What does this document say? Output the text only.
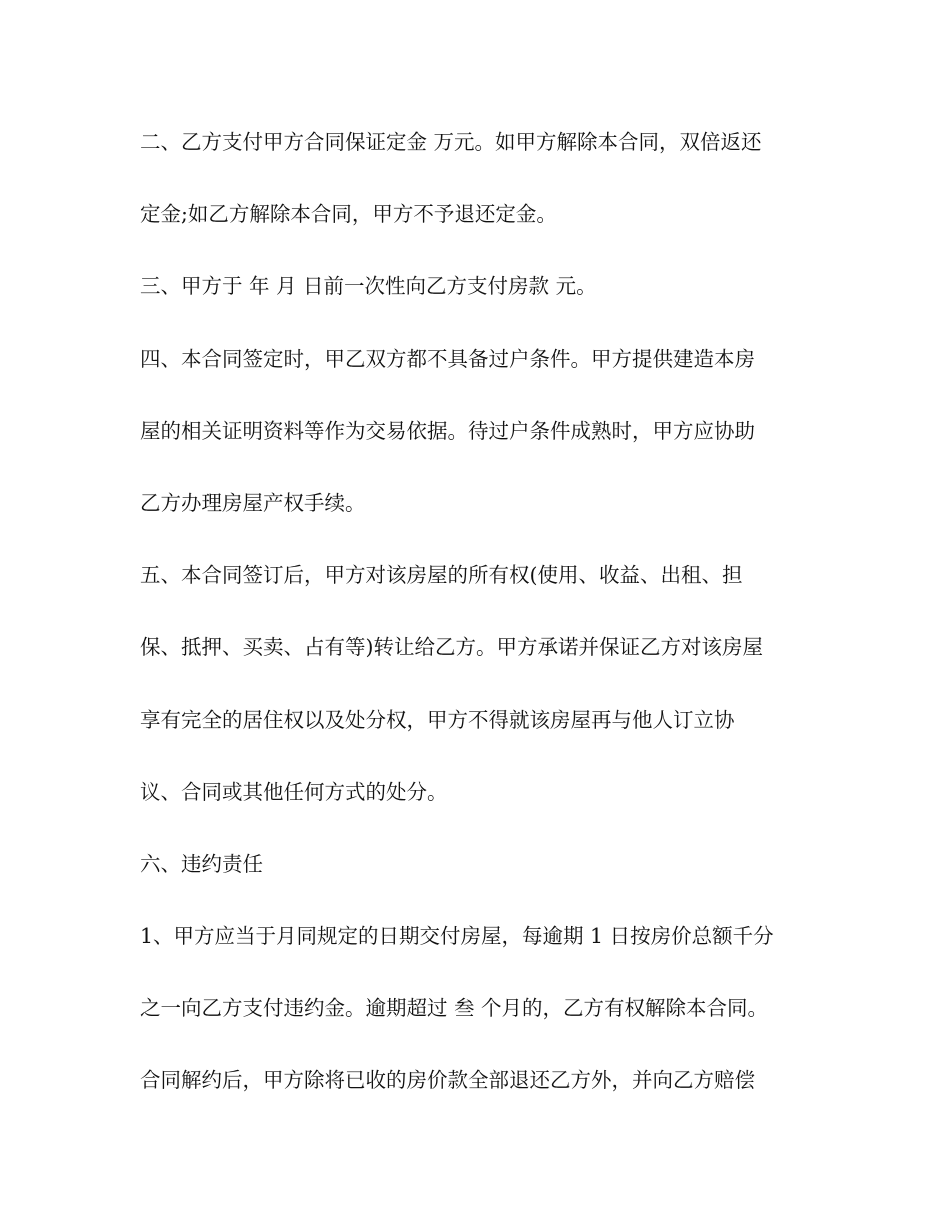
二、乙方支付甲方合同保证定金 万元。如甲方解除本合同，双倍返还
定金;如乙方解除本合同，甲方不予退还定金。
三、甲方于 年 月 日前一次性向乙方支付房款 元。
四、本合同签定时，甲乙双方都不具备过户条件。甲方提供建造本房
屋的相关证明资料等作为交易依据。待过户条件成熟时，甲方应协助
乙方办理房屋产权手续。
五、本合同签订后，甲方对该房屋的所有权(使用、收益、出租、担
保、抵押、买卖、占有等)转让给乙方。甲方承诺并保证乙方对该房屋
享有完全的居住权以及处分权，甲方不得就该房屋再与他人订立协
议、合同或其他任何方式的处分。
六、违约责任
1、甲方应当于月同规定的日期交付房屋，每逾期 1 日按房价总额千分
之一向乙方支付违约金。逾期超过 叁 个月的，乙方有权解除本合同。
合同解约后，甲方除将已收的房价款全部退还乙方外，并向乙方赔偿
